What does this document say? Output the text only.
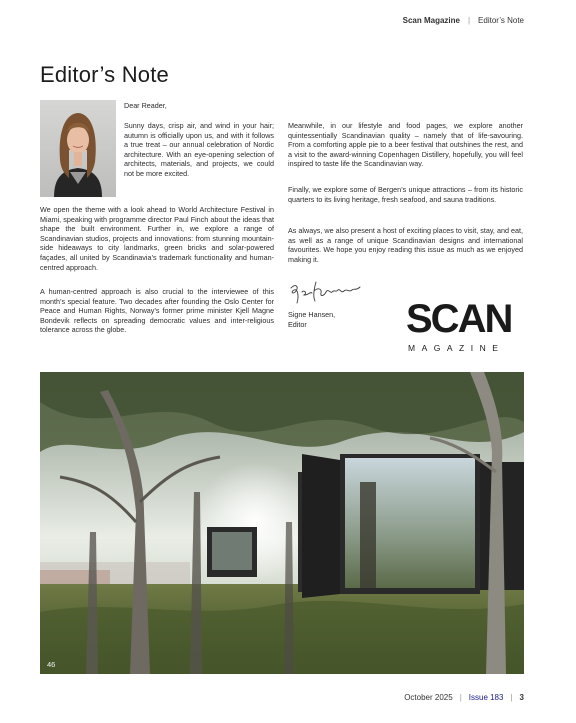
Scan Magazine | Editor’s Note
Editor’s Note
Dear Reader,

Sunny days, crisp air, and wind in your hair; autumn is officially upon us, and with it follows a true treat – our annual celebration of Nordic architecture. With an eye-opening selection of architects, materials, and projects, we could not be more excited.

We open the theme with a look ahead to World Architecture Festival in Miami, speaking with programme director Paul Finch about the ideas that shape the built environment. Further in, we explore a range of Scandinavian studios, projects and innovations: from stunning mountain-side hideaways to city landmarks, green bricks and solar-powered façades, all united by Scandinavia’s trademark functionality and human-centred approach.

A human-centred approach is also crucial to the interviewee of this month’s special feature. Two decades after founding the Oslo Center for Peace and Human Rights, Norway’s former prime minister Kjell Magne Bondevik reflects on spreading democratic values and inter-religious tolerance across the globe.

Meanwhile, in our lifestyle and food pages, we explore another quintessentially Scandinavian quality – namely that of life-savouring. From a comforting apple pie to a beer festival that outshines the rest, and a visit to the award-winning Copenhagen Distillery, hopefully, you will feel inspired to taste life the Scandinavian way.

Finally, we explore some of Bergen’s unique attractions – from its historic quarters to its living heritage, fresh seafood, and sauna traditions.

As always, we also present a host of exciting places to visit, stay, and eat, as well as a range of unique Scandinavian designs and international favourites. We hope you enjoy reading this issue as much as we enjoyed making it.

Signe Hansen,
Editor SCAN
MAGAZINE
46
October 2025 | Issue 183 | 3
